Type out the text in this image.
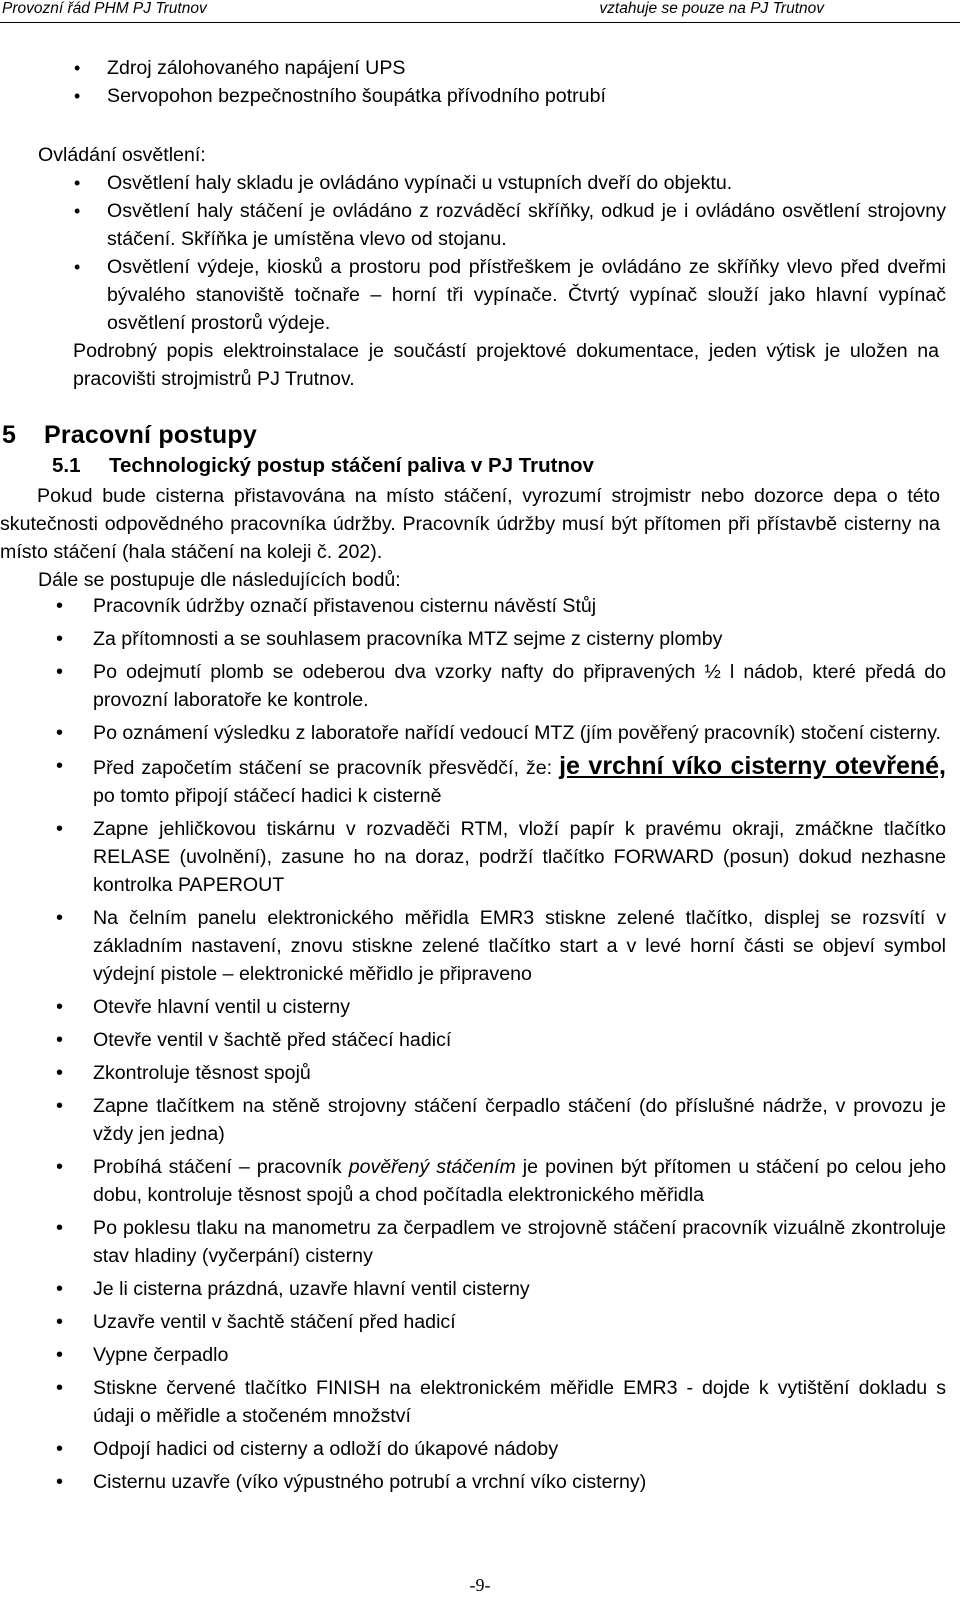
Provozní řád PHM PJ Trutnov	vztahuje se pouze na PJ Trutnov
• Zdroj zálohovaného napájení UPS
• Servopohon bezpečnostního šoupátka přívodního potrubí
Ovládání osvětlení:
• Osvětlení haly skladu je ovládáno vypínači u vstupních dveří do objektu.
• Osvětlení haly stáčení je ovládáno z rozváděcí skříňky, odkud je i ovládáno osvětlení strojovny stáčení. Skříňka je umístěna vlevo od stojanu.
• Osvětlení výdeje, kiosků a prostoru pod přístřeškem je ovládáno ze skříňky vlevo před dveřmi bývalého stanoviště točnaře – horní tři vypínače. Čtvrtý vypínač slouží jako hlavní vypínač osvětlení prostorů výdeje.
Podrobný popis elektroinstalace je součástí projektové dokumentace, jeden výtisk je uložen na pracovišti strojmistrů PJ Trutnov.
5 Pracovní postupy
5.1 Technologický postup stáčení paliva v PJ Trutnov
Pokud bude cisterna přistavována na místo stáčení, vyrozumí strojmistr nebo dozorce depa o této skutečnosti odpovědného pracovníka údržby. Pracovník údržby musí být přítomen při přístavbě cisterny na místo stáčení (hala stáčení na koleji č. 202).
Dále se postupuje dle následujících bodů:
• Pracovník údržby označí přistavenou cisternu návěstí Stůj
• Za přítomnosti a se souhlasem pracovníka MTZ sejme z cisterny plomby
• Po odejmutí plomb se odeberou dva vzorky nafty do připravených ½ l nádob, které předá do provozní laboratoře ke kontrole.
• Po oznámení výsledku z laboratoře nařídí vedoucí MTZ (jím pověřený pracovník) stočení cisterny.
• Před započetím stáčení se pracovník přesvědčí, že: je vrchní víko cisterny otevřené, po tomto připojí stáčecí hadici k cisterně
• Zapne jehličkovou tiskárnu v rozvaděči RTM, vloží papír k pravému okraji, zmáčkne tlačítko RELASE (uvolnění), zasune ho na doraz, podrží tlačítko FORWARD (posun) dokud nezhasne kontrolka PAPEROUT
• Na čelním panelu elektronického měřidla EMR3 stiskne zelené tlačítko, displej se rozsvítí v základním nastavení, znovu stiskne zelené tlačítko start a v levé horní části se objeví symbol výdejní pistole – elektronické měřidlo je připraveno
• Otevře hlavní ventil u cisterny
• Otevře ventil v šachtě před stáčecí hadicí
• Zkontroluje těsnost spojů
• Zapne tlačítkem na stěně strojovny stáčení čerpadlo stáčení (do příslušné nádrže, v provozu je vždy jen jedna)
• Probíhá stáčení – pracovník pověřený stáčením je povinen být přítomen u stáčení po celou jeho dobu, kontroluje těsnost spojů a chod počítadla elektronického měřidla
• Po poklesu tlaku na manometru za čerpadlem ve strojovně stáčení pracovník vizuálně zkontroluje stav hladiny (vyčerpání) cisterny
• Je li cisterna prázdná, uzavře hlavní ventil cisterny
• Uzavře ventil v šachtě stáčení před hadicí
• Vypne čerpadlo
• Stiskne červené tlačítko FINISH na elektronickém měřidle EMR3 - dojde k vytištění dokladu s údaji o měřidle a stočeném množství
• Odpojí hadici od cisterny a odloží do úkapové nádoby
• Cisternu uzavře (víko výpustného potrubí a vrchní víko cisterny)
-9-
